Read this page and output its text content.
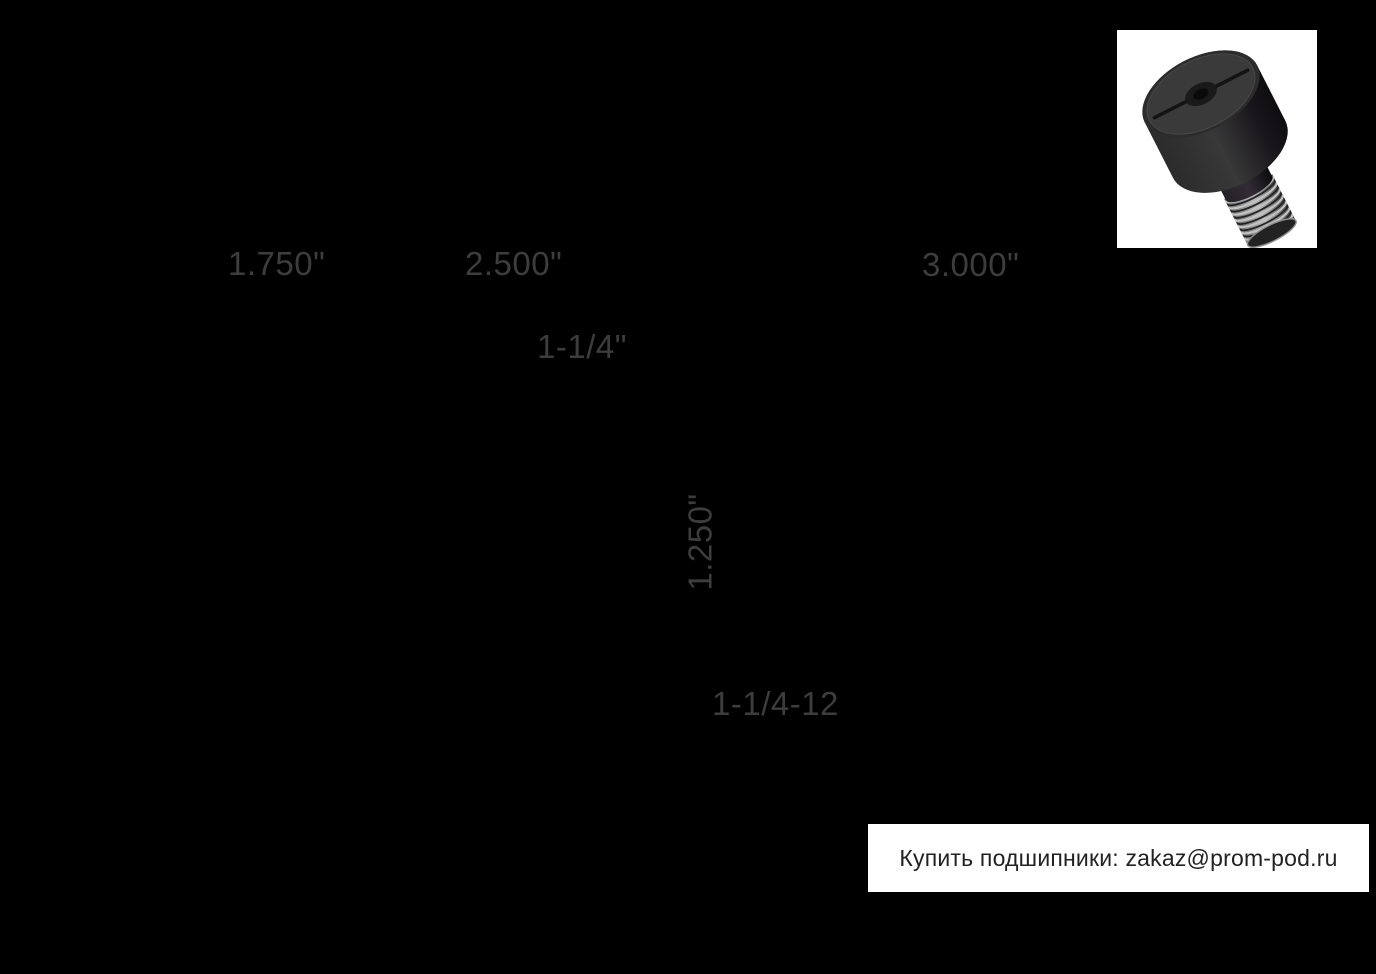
1.750"	2.500"	3.000"
1-1/4"
1.250"
1-1/4-12
Купить подшипники: zakaz@prom-pod.ru
